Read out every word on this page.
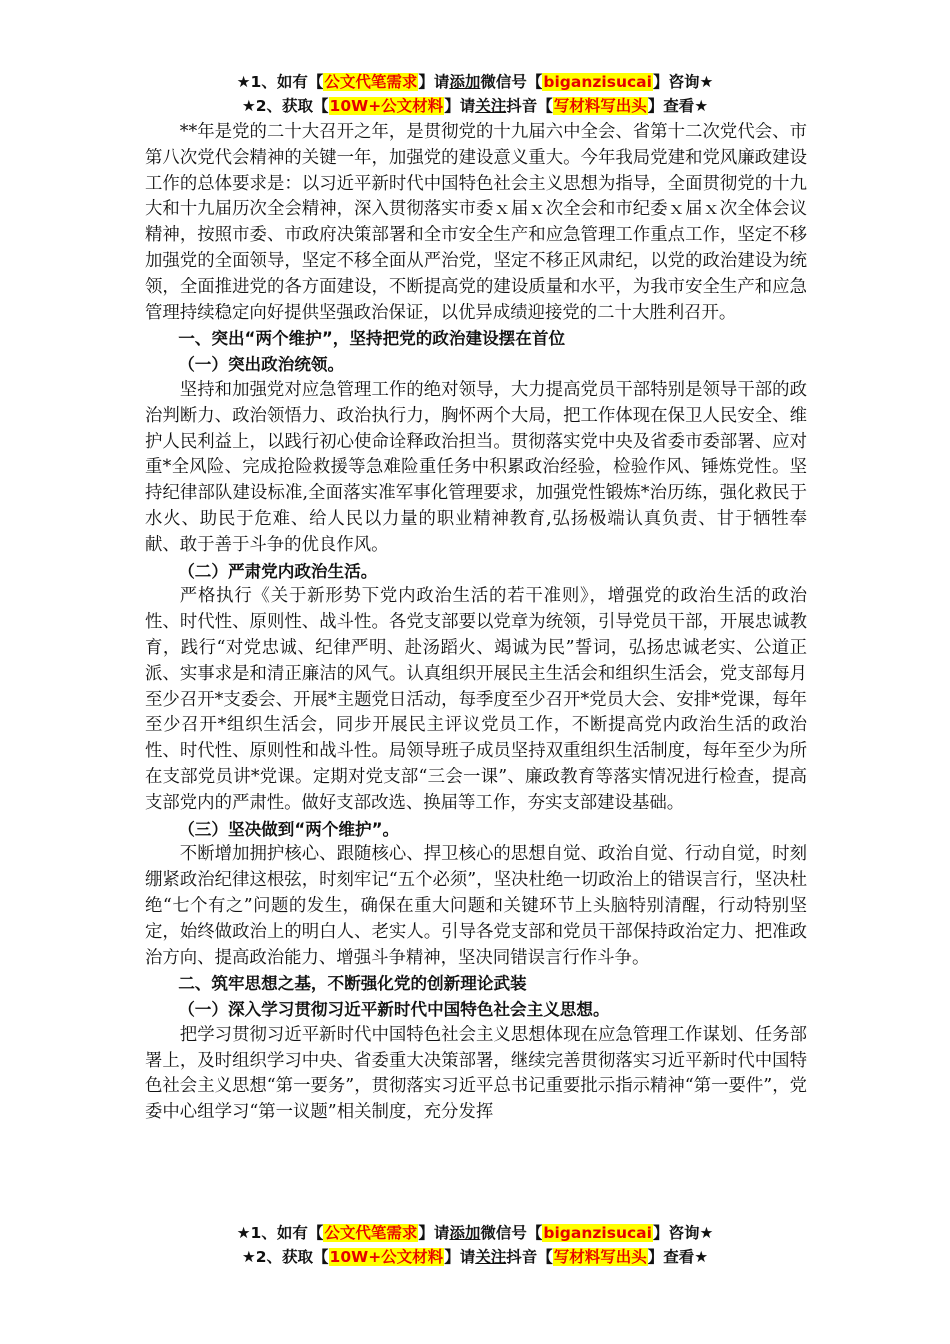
★1、如有【公文代笔需求】请添加微信号【biganzisucai】咨询★
★2、获取【10W+公文材料】请关注抖音【写材料写出头】查看★

**年是党的二十大召开之年，是贯彻党的十九届六中全会、省第十二次党代会、市第八次党代会精神的关键一年，加强党的建设意义重大。今年我局党建和党风廉政建设工作的总体要求是：以习近平新时代中国特色社会主义思想为指导，全面贯彻党的十九大和十九届历次全会精神，深入贯彻落实市委ｘ届ｘ次全会和市纪委ｘ届ｘ次全体会议精神，按照市委、市政府决策部署和全市安全生产和应急管理工作重点工作，坚定不移加强党的全面领导，坚定不移全面从严治党，坚定不移正风肃纪，以党的政治建设为统领，全面推进党的各方面建设，不断提高党的建设质量和水平，为我市安全生产和应急管理持续稳定向好提供坚强政治保证，以优异成绩迎接党的二十大胜利召开。

一、突出“两个维护”，坚持把党的政治建设摆在首位

（一）突出政治统领。

坚持和加强党对应急管理工作的绝对领导，大力提高党员干部特别是领导干部的政治判断力、政治领悟力、政治执行力，胸怀两个大局，把工作体现在保卫人民安全、维护人民利益上，以践行初心使命诠释政治担当。贯彻落实党中央及省委市委部署、应对重*全风险、完成抢险救援等急难险重任务中积累政治经验，检验作风、锤炼党性。坚持纪律部队建设标准,全面落实准军事化管理要求，加强党性锻炼*治历练，强化救民于水火、助民于危难、给人民以力量的职业精神教育,弘扬极端认真负责、甘于牺牲奉献、敢于善于斗争的优良作风。

（二）严肃党内政治生活。

严格执行《关于新形势下党内政治生活的若干准则》，增强党的政治生活的政治性、时代性、原则性、战斗性。各党支部要以党章为统领，引导党员干部，开展忠诚教育，践行“对党忠诚、纪律严明、赴汤蹈火、竭诚为民”誓词，弘扬忠诚老实、公道正派、实事求是和清正廉洁的风气。认真组织开展民主生活会和组织生活会，党支部每月至少召开*支委会、开展*主题党日活动，每季度至少召开*党员大会、安排*党课，每年至少召开*组织生活会，同步开展民主评议党员工作，不断提高党内政治生活的政治性、时代性、原则性和战斗性。局领导班子成员坚持双重组织生活制度，每年至少为所在支部党员讲*党课。定期对党支部“三会一课”、廉政教育等落实情况进行检查，提高支部党内的严肃性。做好支部改选、换届等工作，夯实支部建设基础。

（三）坚决做到“两个维护”。

不断增加拥护核心、跟随核心、捍卫核心的思想自觉、政治自觉、行动自觉，时刻绷紧政治纪律这根弦，时刻牢记“五个必须”，坚决杜绝一切政治上的错误言行，坚决杜绝“七个有之”问题的发生，确保在重大问题和关键环节上头脑特别清醒，行动特别坚定，始终做政治上的明白人、老实人。引导各党支部和党员干部保持政治定力、把准政治方向、提高政治能力、增强斗争精神，坚决同错误言行作斗争。

二、筑牢思想之基，不断强化党的创新理论武装

（一）深入学习贯彻习近平新时代中国特色社会主义思想。

把学习贯彻习近平新时代中国特色社会主义思想体现在应急管理工作谋划、任务部署上，及时组织学习中央、省委重大决策部署，继续完善贯彻落实习近平新时代中国特色社会主义思想“第一要务”，贯彻落实习近平总书记重要批示指示精神“第一要件”，党委中心组学习“第一议题”相关制度，充分发挥

★1、如有【公文代笔需求】请添加微信号【biganzisucai】咨询★
★2、获取【10W+公文材料】请关注抖音【写材料写出头】查看★
